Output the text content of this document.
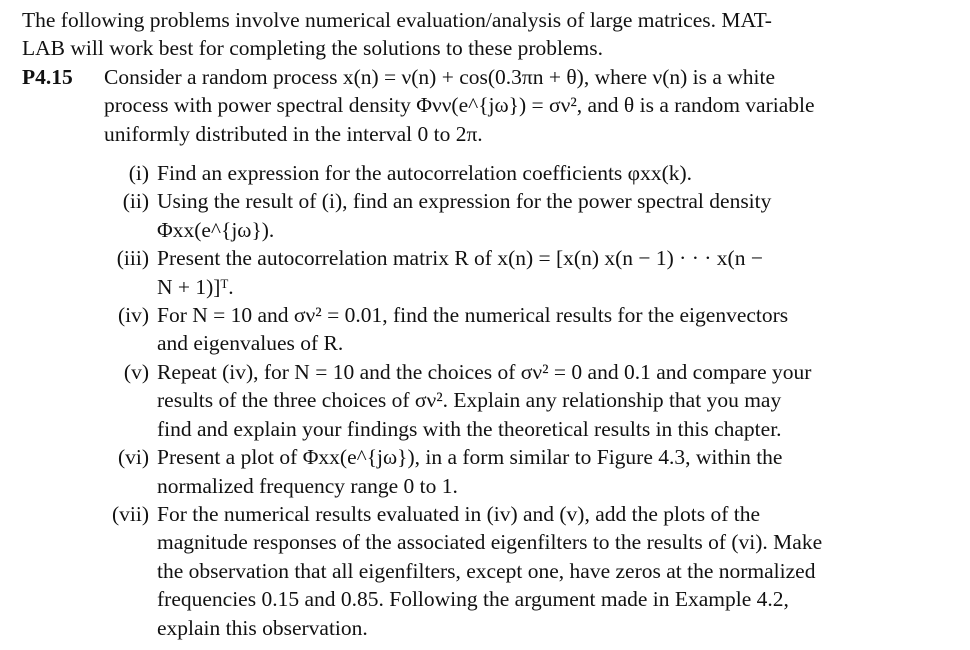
The following problems involve numerical evaluation/analysis of large matrices. MAT-
LAB will work best for completing the solutions to these problems.

P4.15	Consider a random process x(n) = ν(n) + cos(0.3πn + θ), where ν(n) is a white
process with power spectral density Φνν(e^{jω}) = σν², and θ is a random variable
uniformly distributed in the interval 0 to 2π.
(i) Find an expression for the autocorrelation coefficients φxx(k).
(ii) Using the result of (i), find an expression for the power spectral density
Φxx(e^{jω}).
(iii) Present the autocorrelation matrix R of x(n) = [x(n) x(n − 1) · · · x(n −
N + 1)]ᵀ.
(iv) For N = 10 and σν² = 0.01, find the numerical results for the eigenvectors
and eigenvalues of R.
(v) Repeat (iv), for N = 10 and the choices of σν² = 0 and 0.1 and compare your
results of the three choices of σν². Explain any relationship that you may
find and explain your findings with the theoretical results in this chapter.
(vi) Present a plot of Φxx(e^{jω}), in a form similar to Figure 4.3, within the
normalized frequency range 0 to 1.
(vii) For the numerical results evaluated in (iv) and (v), add the plots of the
magnitude responses of the associated eigenfilters to the results of (vi). Make
the observation that all eigenfilters, except one, have zeros at the normalized
frequencies 0.15 and 0.85. Following the argument made in Example 4.2,
explain this observation.
